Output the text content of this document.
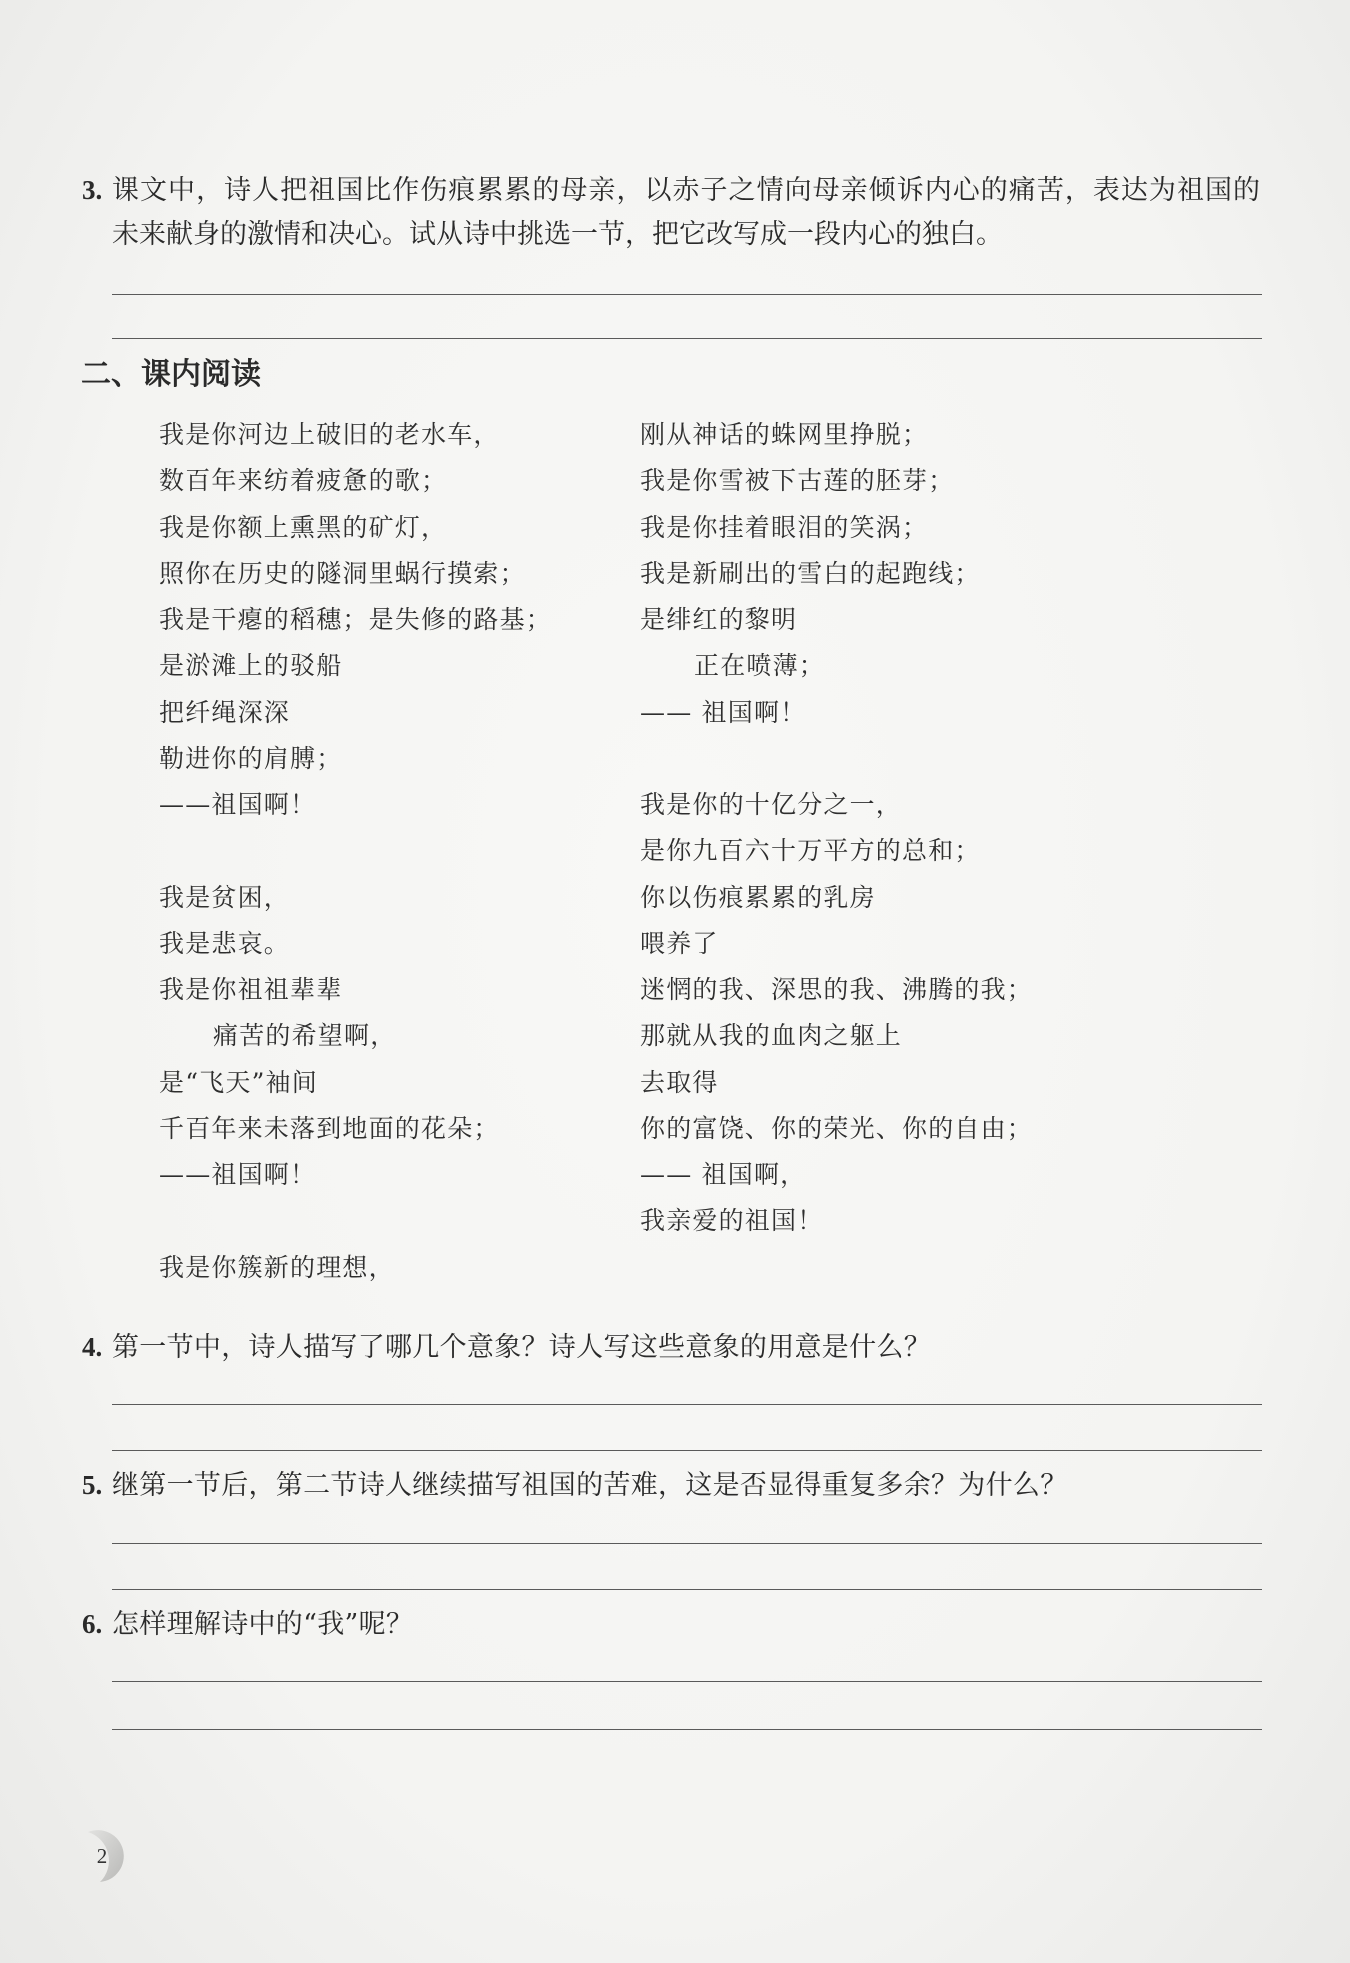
3. 课文中，诗人把祖国比作伤痕累累的母亲，以赤子之情向母亲倾诉内心的痛苦，表达为祖国的
未来献身的激情和决心。试从诗中挑选一节，把它改写成一段内心的独白。
二、课内阅读
我是你河边上破旧的老水车，
数百年来纺着疲惫的歌；
我是你额上熏黑的矿灯，
照你在历史的隧洞里蜗行摸索；
我是干瘪的稻穗；是失修的路基；
是淤滩上的驳船
把纤绳深深
勒进你的肩膊；
——祖国啊！
我是贫困，
我是悲哀。
我是你祖祖辈辈
痛苦的希望啊，
是“飞天”袖间
千百年来未落到地面的花朵；
——祖国啊！
我是你簇新的理想，
刚从神话的蛛网里挣脱；
我是你雪被下古莲的胚芽；
我是你挂着眼泪的笑涡；
我是新刷出的雪白的起跑线；
是绯红的黎明
正在喷薄；
—— 祖国啊！
我是你的十亿分之一，
是你九百六十万平方的总和；
你以伤痕累累的乳房
喂养了
迷惘的我、深思的我、沸腾的我；
那就从我的血肉之躯上
去取得
你的富饶、你的荣光、你的自由；
—— 祖国啊，
我亲爱的祖国！
4. 第一节中，诗人描写了哪几个意象？诗人写这些意象的用意是什么？
5. 继第一节后，第二节诗人继续描写祖国的苦难，这是否显得重复多余？为什么？
6. 怎样理解诗中的“我”呢？
2
